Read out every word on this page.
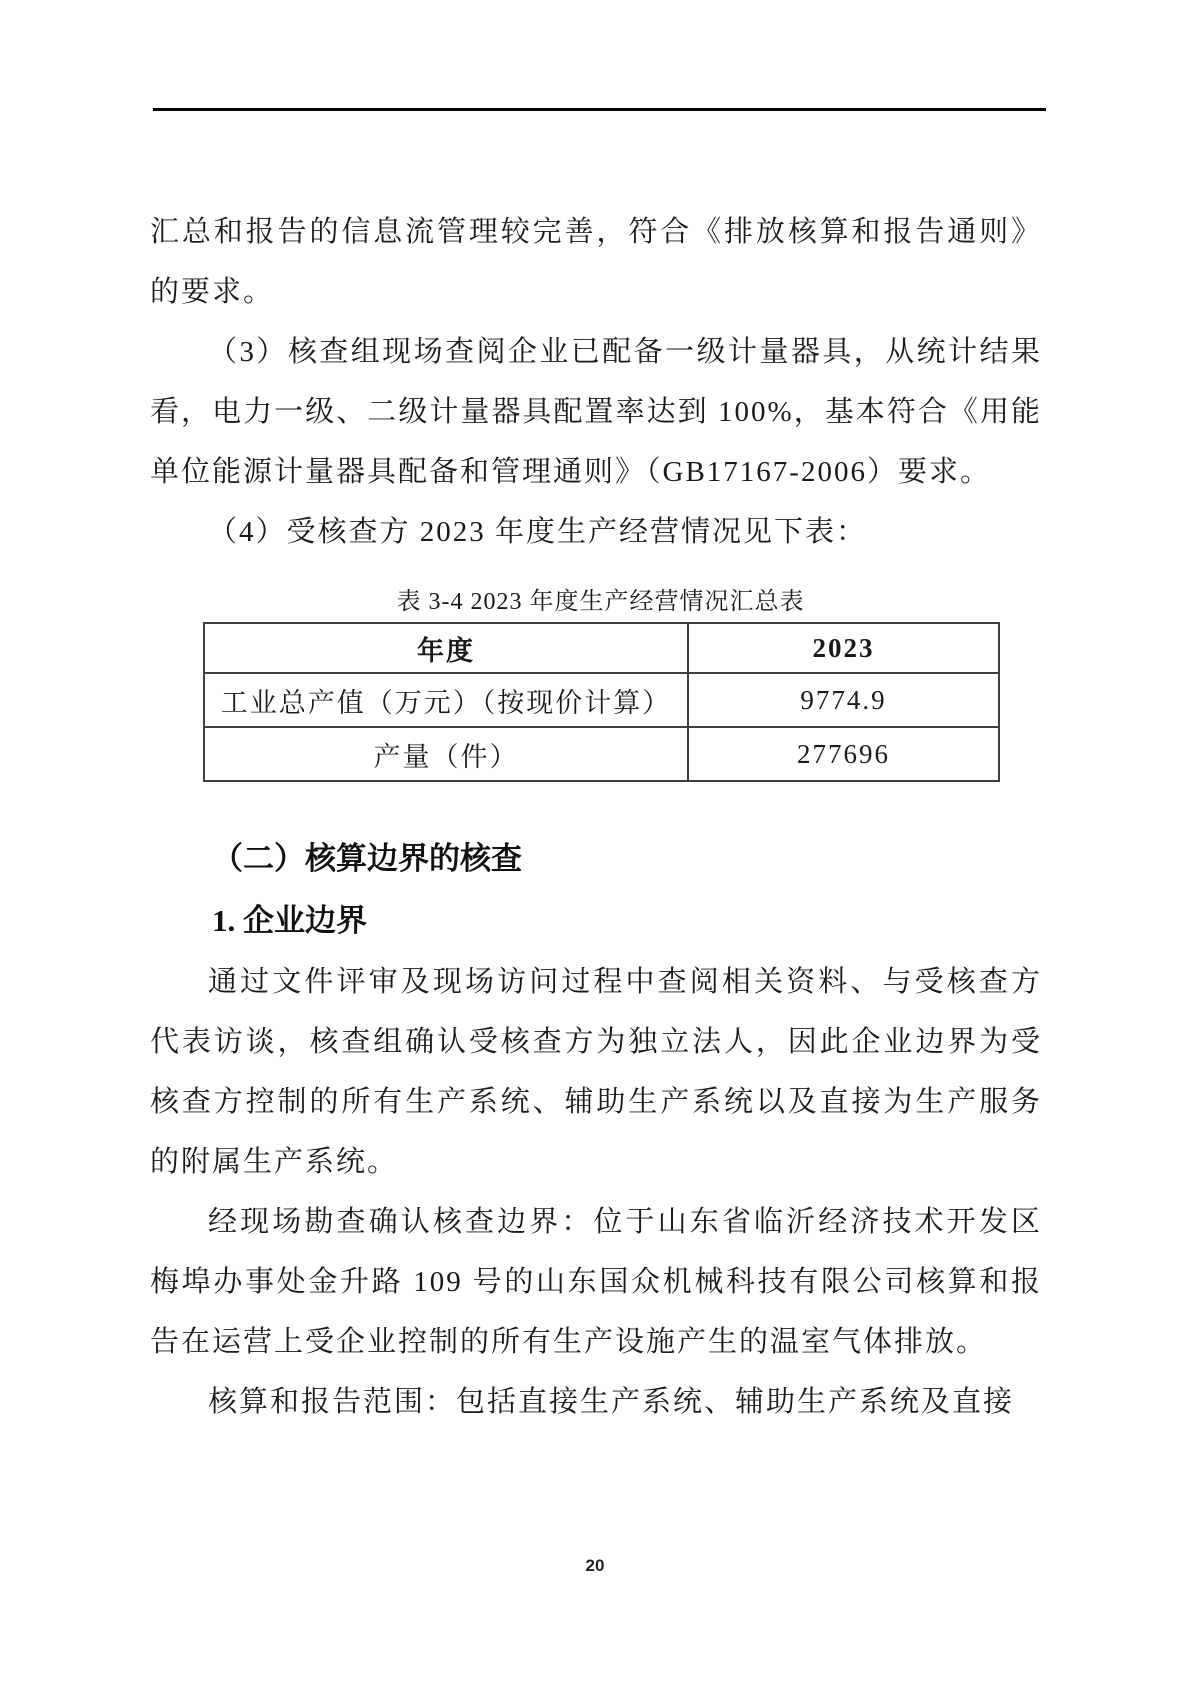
汇总和报告的信息流管理较完善，符合《排放核算和报告通则》的要求。

（3）核查组现场查阅企业已配备一级计量器具，从统计结果看，电力一级、二级计量器具配置率达到 100%，基本符合《用能单位能源计量器具配备和管理通则》（GB17167-2006）要求。

（4）受核查方 2023 年度生产经营情况见下表：

表 3-4 2023 年度生产经营情况汇总表
年度	2023
工业总产值（万元）（按现价计算）	9774.9
产量（件）	277696
（二）核算边界的核查
1. 企业边界

通过文件评审及现场访问过程中查阅相关资料、与受核查方代表访谈，核查组确认受核查方为独立法人，因此企业边界为受核查方控制的所有生产系统、辅助生产系统以及直接为生产服务的附属生产系统。

经现场勘查确认核查边界：位于山东省临沂经济技术开发区梅埠办事处金升路 109 号的山东国众机械科技有限公司核算和报告在运营上受企业控制的所有生产设施产生的温室气体排放。

核算和报告范围：包括直接生产系统、辅助生产系统及直接

20
